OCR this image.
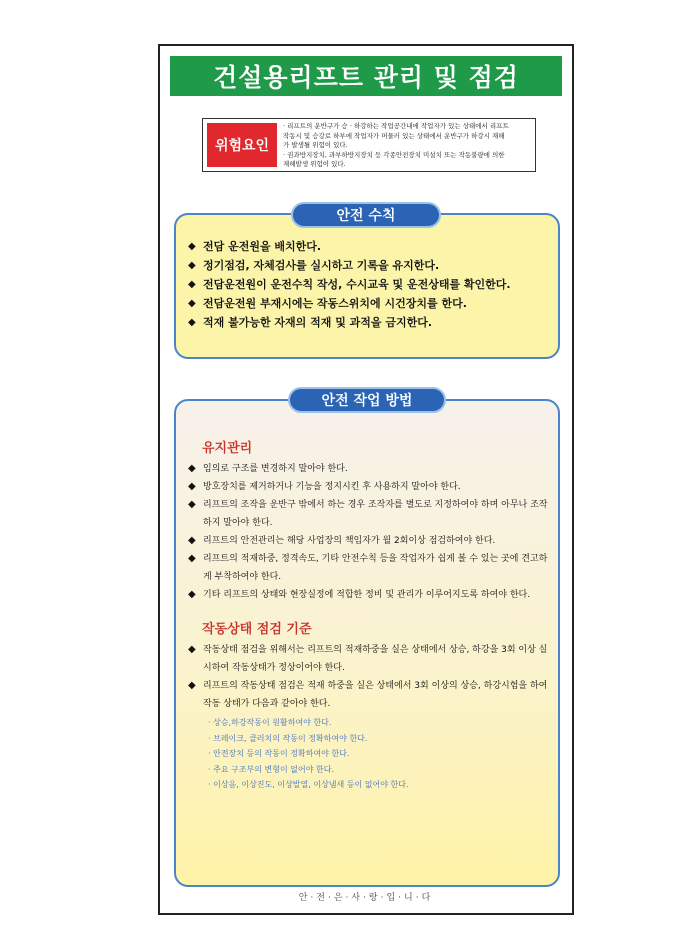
건설용리프트 관리 및 점검
위험요인
· 리프트의 운반구가 승 · 하강하는 작업공간내에 작업자가 있는 상태에서 리프트
작동시 및 승강로 하부에 작업자가 머물러 있는 상태에서 운반구가 하강시 재해
가 발생될 위험이 있다.
· 권과방지장치, 과부하방지장치 등 각종안전장치 미설치 또는 작동불량에 의한
재해발생 위험이 있다.
◆ 전담 운전원을 배치한다.
◆ 정기점검, 자체검사를 실시하고 기록을 유지한다.
◆ 전담운전원이 운전수칙 작성, 수시교육 및 운전상태를 확인한다.
◆ 전담운전원 부재시에는 작동스위치에 시건장치를 한다.
◆ 적재 불가능한 자재의 적재 및 과적을 금지한다.
안전 수칙
유지관리
◆ 임의로 구조를 변경하지 말아야 한다.
◆ 방호장치를 제거하거나 기능을 정지시킨 후 사용하지 말아야 한다.
◆ 리프트의 조작을 운반구 밖에서 하는 경우 조작자를 별도로 지정하여야 하며 아무나 조작하지 말아야 한다.
◆ 리프트의 안전관리는 해당 사업장의 책임자가 월 2회이상 점검하여야 한다.
◆ 리프트의 적재하중, 정격속도, 기타 안전수칙 등을 작업자가 쉽게 볼 수 있는 곳에 견고하게 부착하여야 한다.
◆ 기타 리프트의 상태와 현장실정에 적합한 정비 및 관리가 이루어지도록 하여야 한다.
작동상태 점검 기준
◆ 작동상태 점검을 위해서는 리프트의 적재하중을 실은 상태에서 상승, 하강을 3회 이상 실시하여 작동상태가 정상이어야 한다.
◆ 리프트의 작동상태 점검은 적재 하중을 실은 상태에서 3회 이상의 상승, 하강시험을 하여 작동 상태가 다음과 같아야 한다.
· 상승,하강작동이 원활하여야 한다.
· 브레이크, 클러치의 작동이 정확하여야 한다.
· 안전장치 등의 작동이 정확하여야 한다.
· 주요 구조부의 변형이 없어야 한다.
· 이상음, 이상진도, 이상발열, 이상냄새 등이 없어야 한다.
안전 작업 방법
안·전·은·사·랑·입·니·다
